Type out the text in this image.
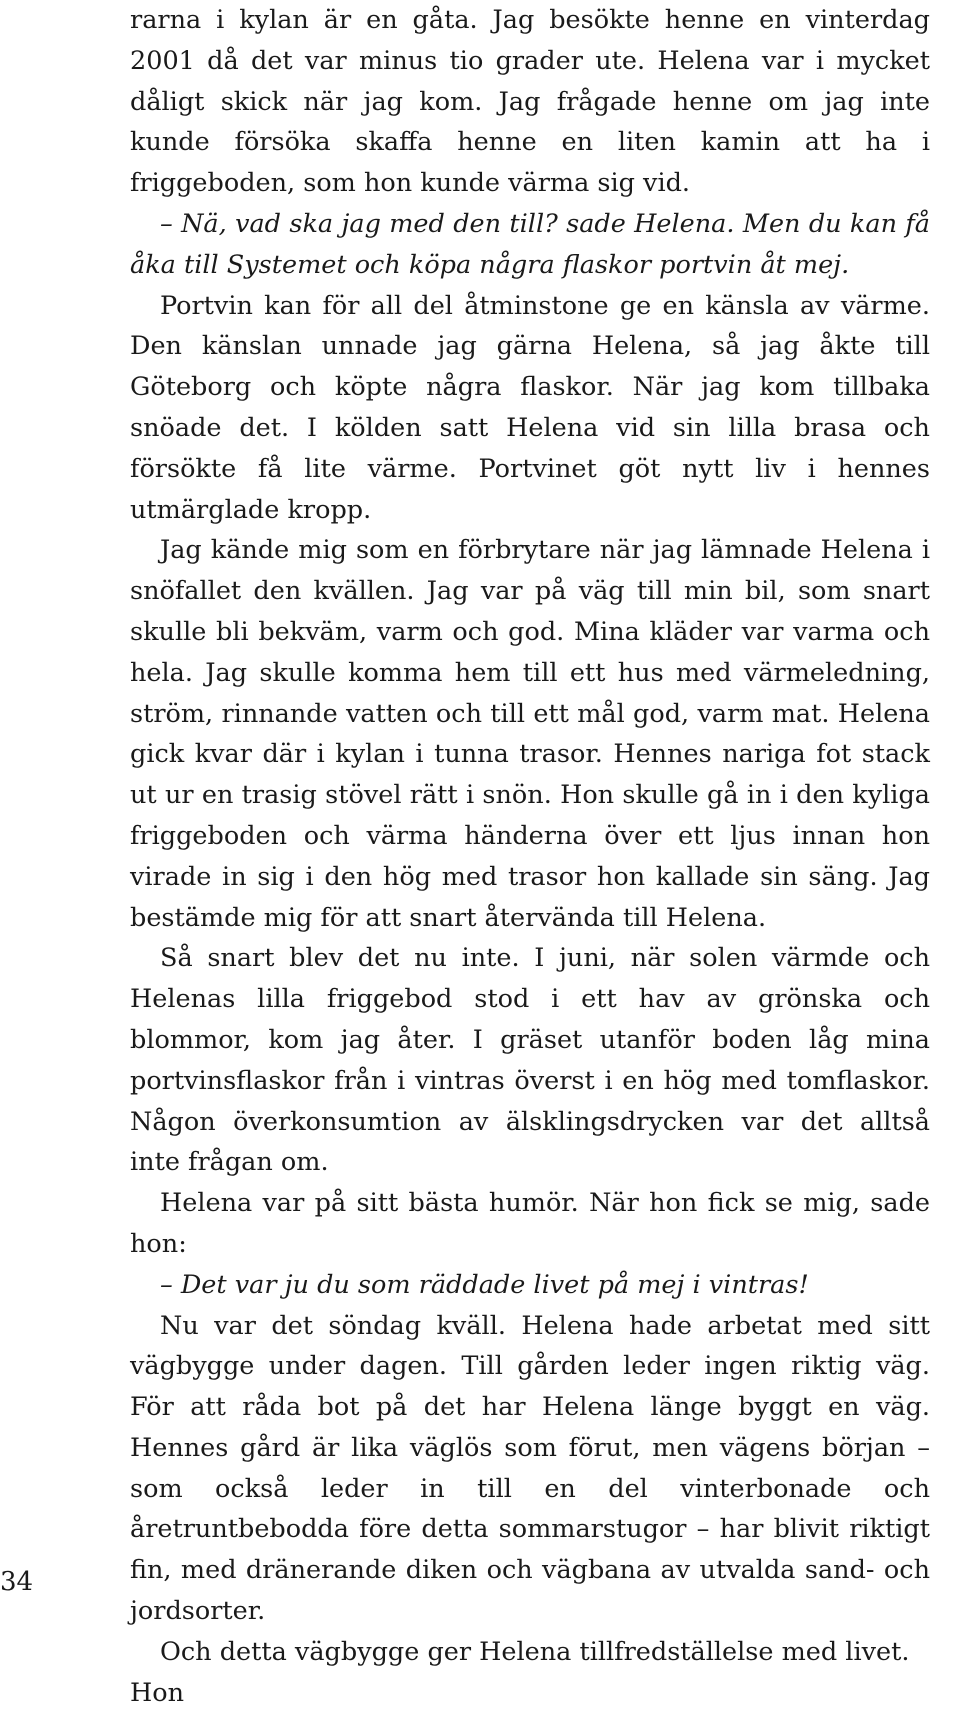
rarna i kylan är en gåta. Jag besökte henne en vinterdag 2001 då det var minus tio grader ute. Helena var i mycket dåligt skick när jag kom. Jag frågade henne om jag inte kunde försöka skaffa henne en liten kamin att ha i friggeboden, som hon kunde värma sig vid.

– Nä, vad ska jag med den till? sade Helena. Men du kan få åka till Systemet och köpa några flaskor portvin åt mej.

Portvin kan för all del åtminstone ge en känsla av värme. Den känslan unnade jag gärna Helena, så jag åkte till Göteborg och köpte några flaskor. När jag kom tillbaka snöade det. I kölden satt Helena vid sin lilla brasa och försökte få lite värme. Portvinet göt nytt liv i hennes utmärglade kropp.

Jag kände mig som en förbrytare när jag lämnade Helena i snöfallet den kvällen. Jag var på väg till min bil, som snart skulle bli bekväm, varm och god. Mina kläder var varma och hela. Jag skulle komma hem till ett hus med värmeledning, ström, rinnande vatten och till ett mål god, varm mat. Helena gick kvar där i kylan i tunna trasor. Hennes nariga fot stack ut ur en trasig stövel rätt i snön. Hon skulle gå in i den kyliga friggeboden och värma händerna över ett ljus innan hon virade in sig i den hög med trasor hon kallade sin säng. Jag bestämde mig för att snart återvända till Helena.

Så snart blev det nu inte. I juni, när solen värmde och Helenas lilla friggebod stod i ett hav av grönska och blommor, kom jag åter. I gräset utanför boden låg mina portvinsflaskor från i vintras överst i en hög med tomflaskor. Någon överkonsumtion av älsklingsdrycken var det alltså inte frågan om.

Helena var på sitt bästa humör. När hon fick se mig, sade hon:

– Det var ju du som räddade livet på mej i vintras!

Nu var det söndag kväll. Helena hade arbetat med sitt vägbygge under dagen. Till gården leder ingen riktig väg. För att råda bot på det har Helena länge byggt en väg. Hennes gård är lika väglös som förut, men vägens början – som också leder in till en del vinterbonade och åretruntbebodda före detta sommarstugor – har blivit riktigt fin, med dränerande diken och vägbana av utvalda sand- och jordsorter.

Och detta vägbygge ger Helena tillfredställelse med livet. Hon

34
